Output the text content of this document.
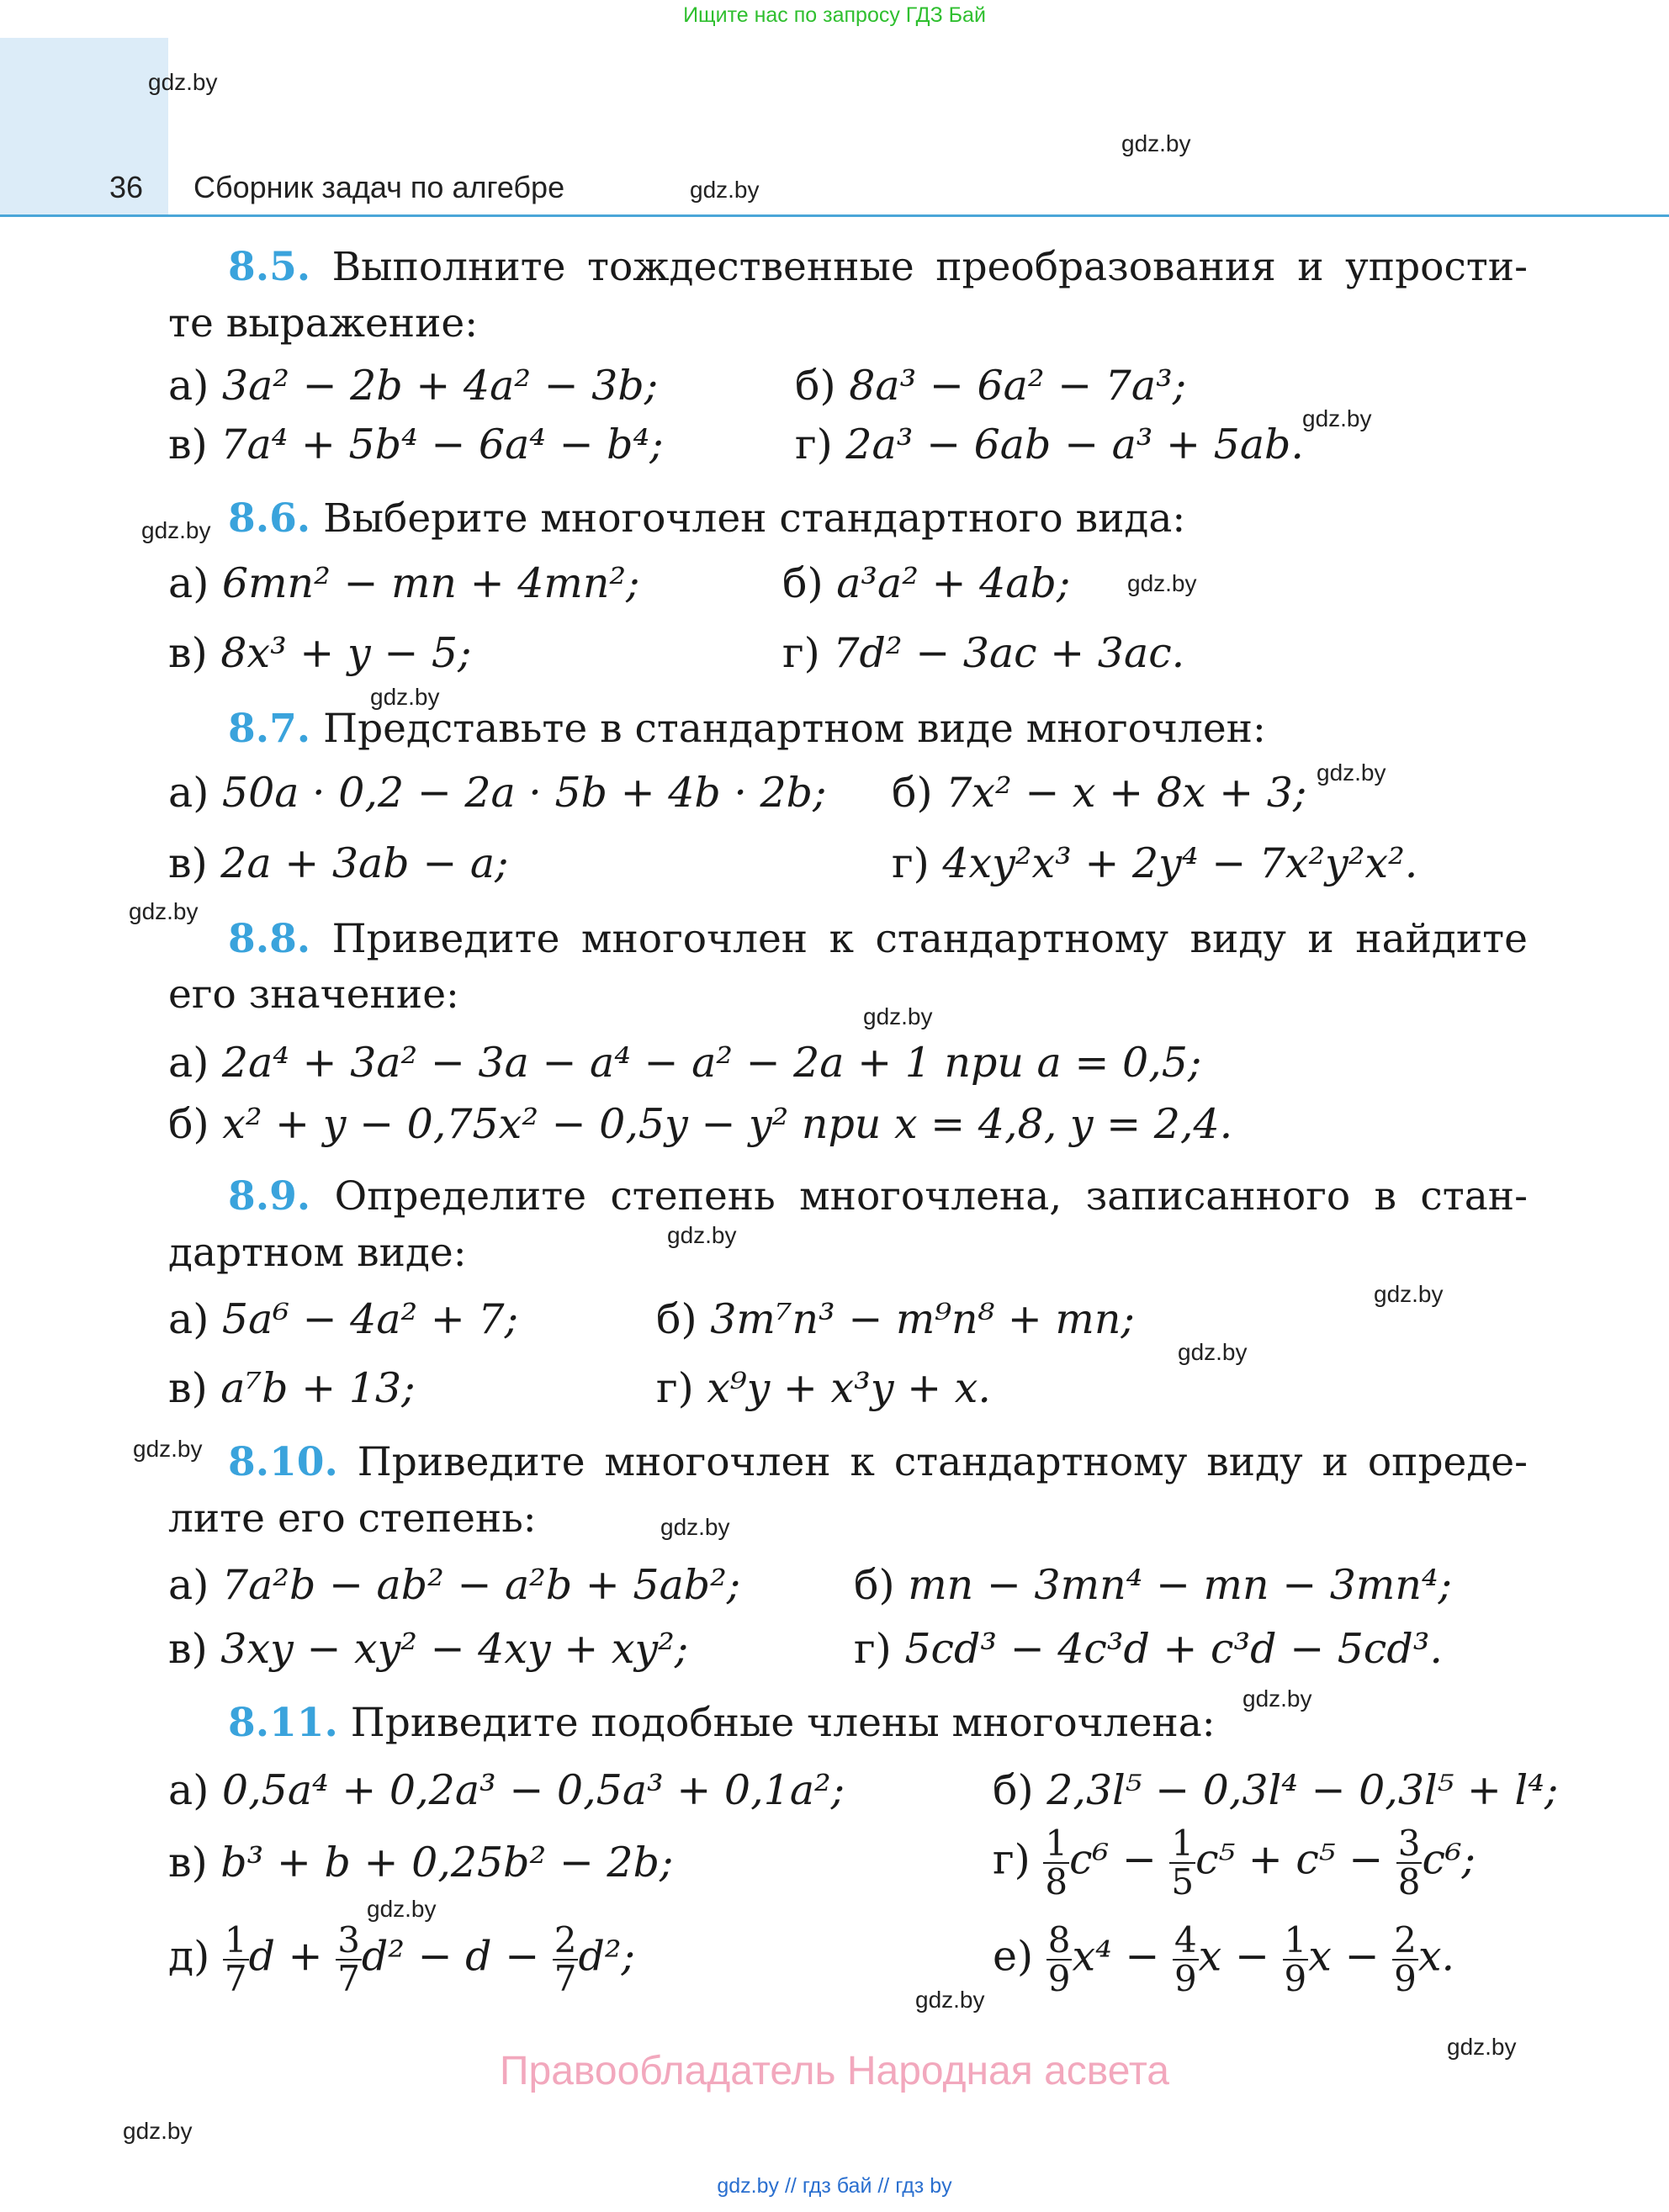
Ищите нас по запросу ГДЗ Бай
36 Сборник задач по алгебре
gdz.by
gdz.by
gdz.by
gdz.by
gdz.by
gdz.by
gdz.by
gdz.by
gdz.by
gdz.by
gdz.by
gdz.by
gdz.by
gdz.by
gdz.by
gdz.by
gdz.by
gdz.by
gdz.by
gdz.by
8.5. Выполните тождественные преобразования и упрости-
те выражение:
а) 3a² − 2b + 4a² − 3b;	б) 8a³ − 6a² − 7a³;
в) 7a⁴ + 5b⁴ − 6a⁴ − b⁴;	г) 2a³ − 6ab − a³ + 5ab.
8.6. Выберите многочлен стандартного вида:
а) 6mn² − mn + 4mn²;	б) a³a² + 4ab;
в) 8x³ + y − 5;	г) 7d² − 3ac + 3ac.
8.7. Представьте в стандартном виде многочлен:
а) 50a · 0,2 − 2a · 5b + 4b · 2b; б) 7x² − x + 8x + 3;
в) 2a + 3ab − a;	г) 4xy²x³ + 2y⁴ − 7x²y²x².
8.8. Приведите многочлен к стандартному виду и найдите
его значение:
а) 2a⁴ + 3a² − 3a − a⁴ − a² − 2a + 1 при a = 0,5;
б) x² + y − 0,75x² − 0,5y − y² при x = 4,8, y = 2,4.
8.9. Определите степень многочлена, записанного в стан-
дартном виде:
а) 5a⁶ − 4a² + 7;	б) 3m⁷n³ − m⁹n⁸ + mn;
в) a⁷b + 13;	г) x⁹y + x³y + x.
8.10. Приведите многочлен к стандартному виду и опреде-
лите его степень:
а) 7a²b − ab² − a²b + 5ab²;	б) mn − 3mn⁴ − mn − 3mn⁴;
в) 3xy − xy² − 4xy + xy²;	г) 5cd³ − 4c³d + c³d − 5cd³.
8.11. Приведите подобные члены многочлена:
а) 0,5a⁴ + 0,2a³ − 0,5a³ + 0,1a²;	б) 2,3l⁵ − 0,3l⁴ − 0,3l⁵ + l⁴;
в) b³ + b + 0,25b² − 2b;	$г) \frac{1}{8} c^6 - \frac{1}{5} c^5 + c^5 - \frac{3}{8} c^6$;
$д) \frac{1}{7}$ $d + \frac{3}{7} d^2 - d - \frac{2}{7} d^2$;	$е) \frac{8}{9} x^4 - \frac{4}{9}$ $x - \frac{1}{9}$ $x - \frac{2}{9} x$.
Правообладатель Народная асвета
gdz.by // гдз бай // гдз by
